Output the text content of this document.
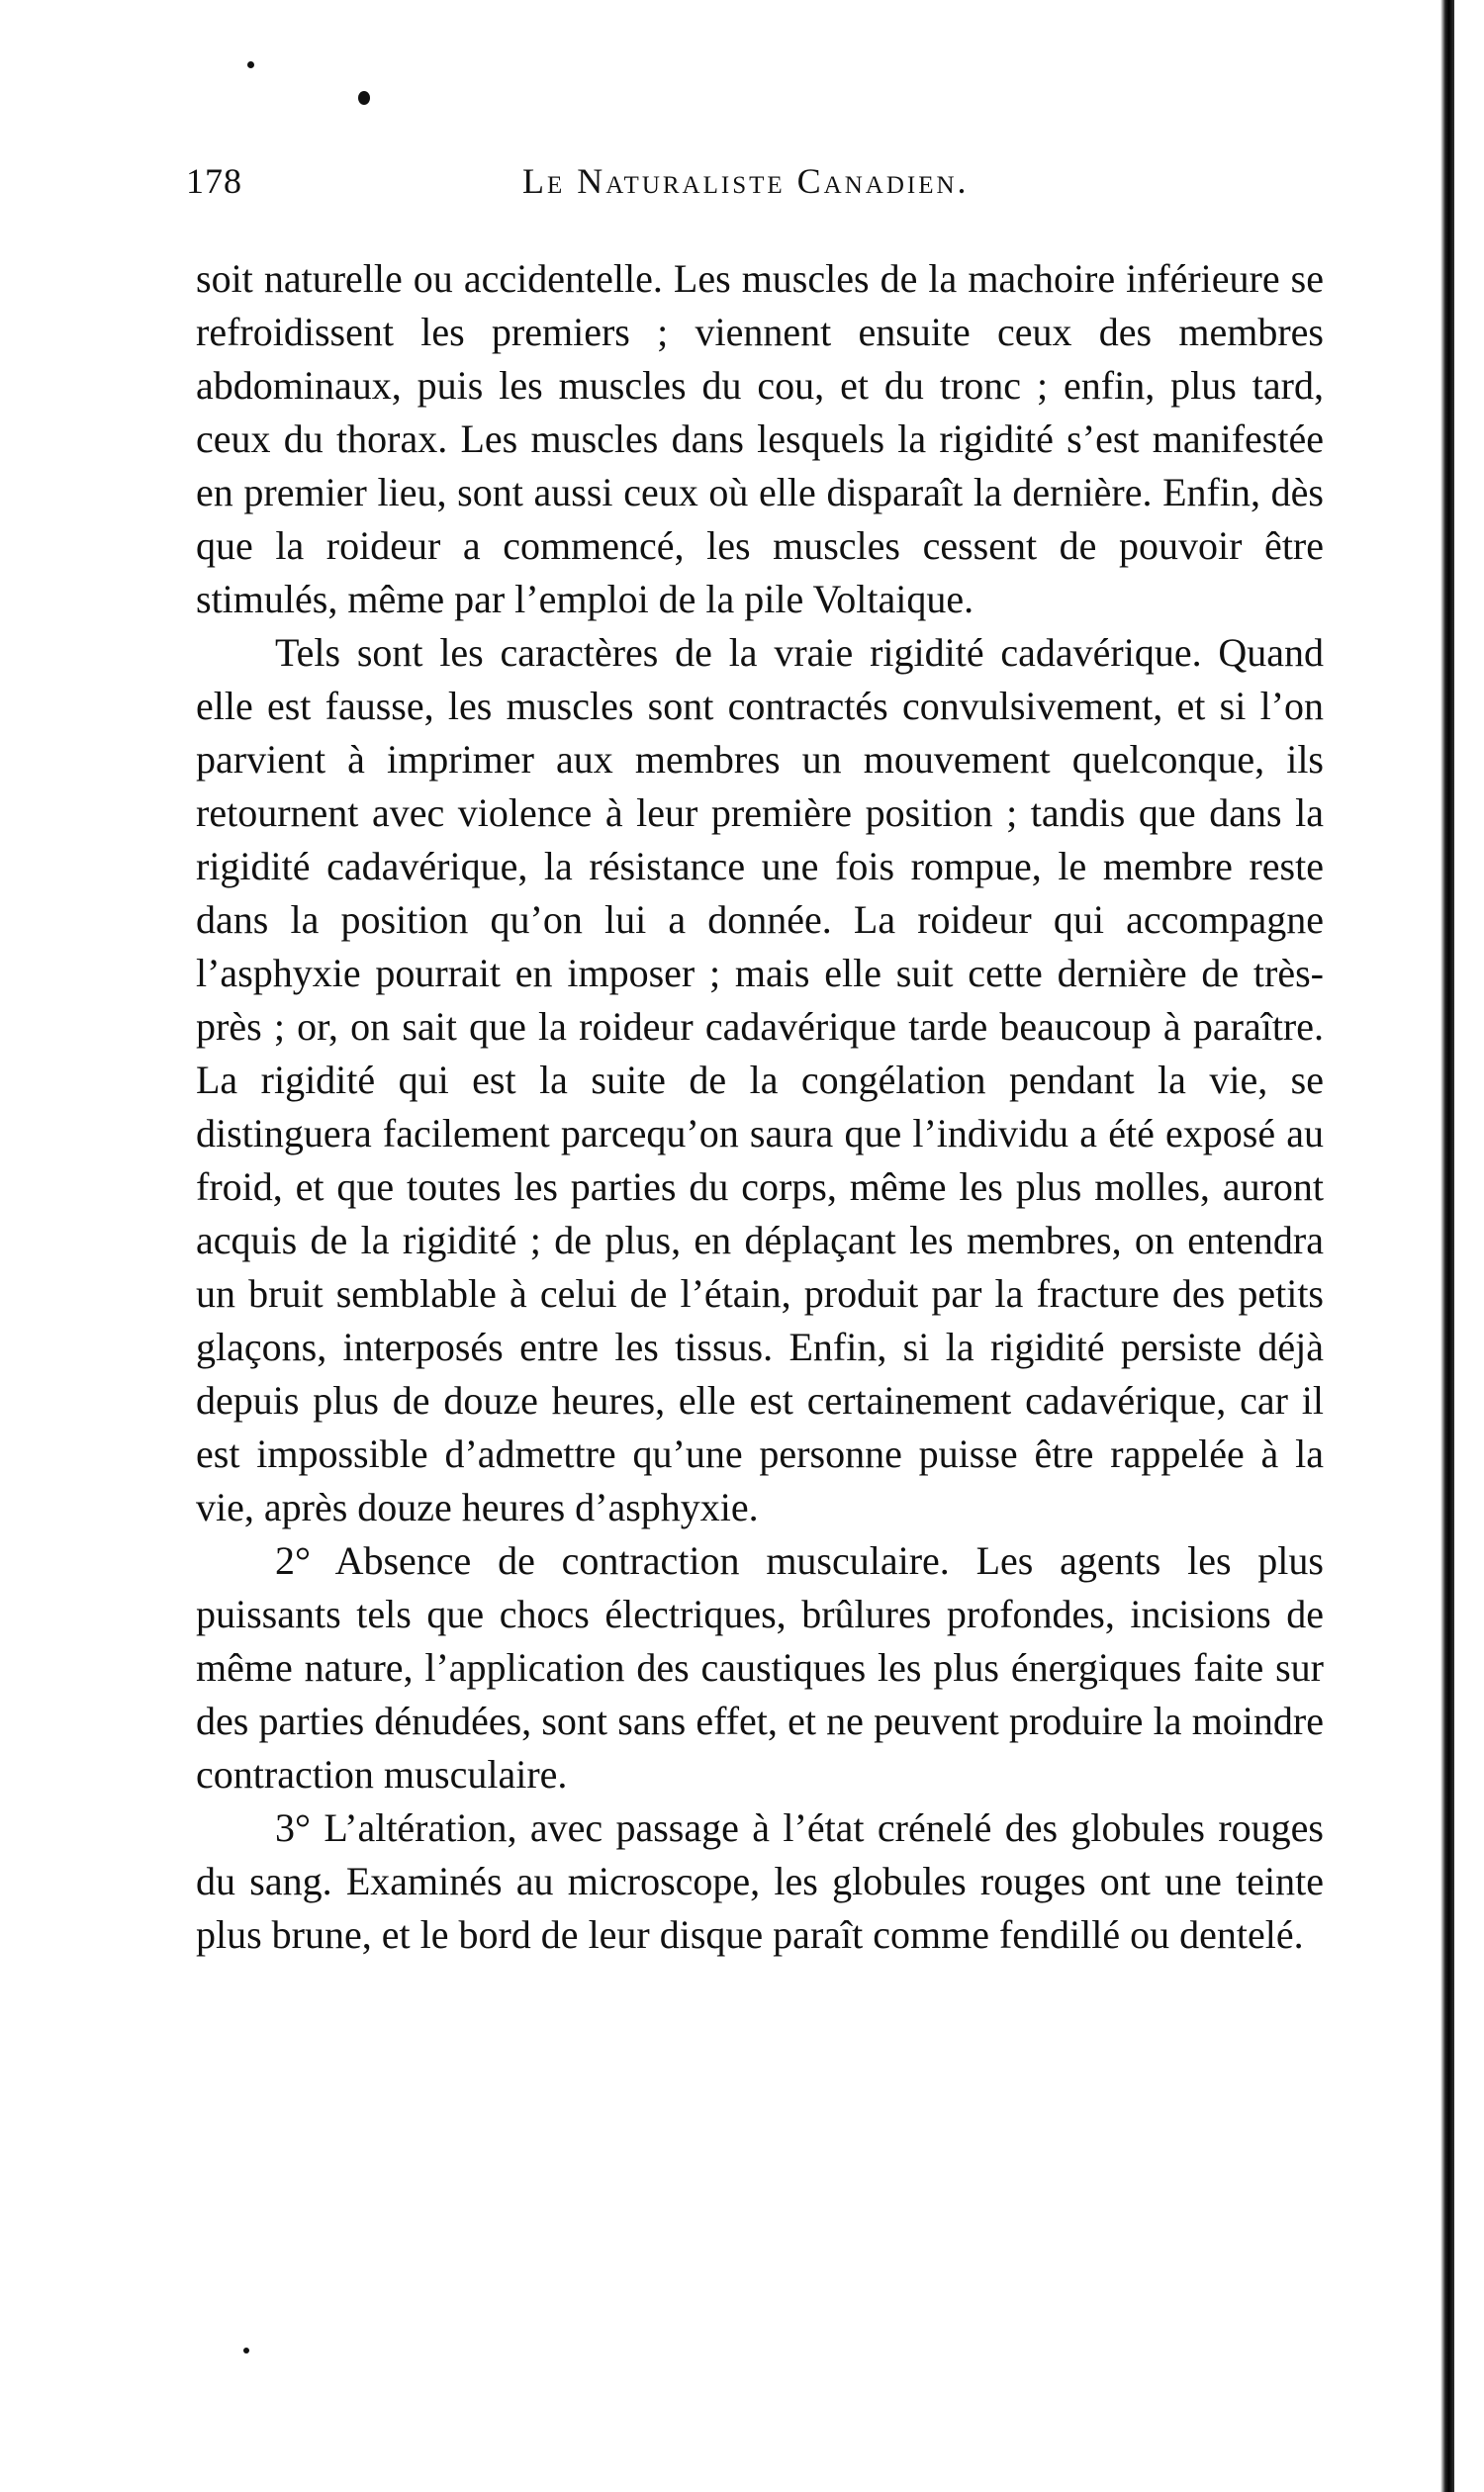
178	Le Naturaliste Canadien.

soit naturelle ou accidentelle. Les muscles de la machoire inférieure se refroidissent les premiers ; viennent ensuite ceux des membres abdominaux, puis les muscles du cou, et du tronc ; enfin, plus tard, ceux du thorax. Les muscles dans lesquels la rigidité s’est manifestée en premier lieu, sont aussi ceux où elle disparaît la dernière. Enfin, dès que la roideur a commencé, les muscles cessent de pouvoir être stimulés, même par l’emploi de la pile Voltaique.

Tels sont les caractères de la vraie rigidité cadavérique. Quand elle est fausse, les muscles sont contractés convulsivement, et si l’on parvient à imprimer aux membres un mouvement quelconque, ils retournent avec violence à leur première position ; tandis que dans la rigidité cadavérique, la résistance une fois rompue, le membre reste dans la position qu’on lui a donnée. La roideur qui accompagne l’asphyxie pourrait en imposer ; mais elle suit cette dernière de très-près ; or, on sait que la roideur cadavérique tarde beaucoup à paraître. La rigidité qui est la suite de la congélation pendant la vie, se distinguera facilement parcequ’on saura que l’individu a été exposé au froid, et que toutes les parties du corps, même les plus molles, auront acquis de la rigidité ; de plus, en déplaçant les membres, on entendra un bruit semblable à celui de l’étain, produit par la fracture des petits glaçons, interposés entre les tissus. Enfin, si la rigidité persiste déjà depuis plus de douze heures, elle est certainement cadavérique, car il est impossible d’admettre qu’une personne puisse être rappelée à la vie, après douze heures d’asphyxie.

2° Absence de contraction musculaire. Les agents les plus puissants tels que chocs électriques, brûlures profondes, incisions de même nature, l’application des caustiques les plus énergiques faite sur des parties dénudées, sont sans effet, et ne peuvent produire la moindre contraction musculaire.

3° L’altération, avec passage à l’état crénelé des globules rouges du sang. Examinés au microscope, les globules rouges ont une teinte plus brune, et le bord de leur disque paraît comme fendillé ou dentelé.
